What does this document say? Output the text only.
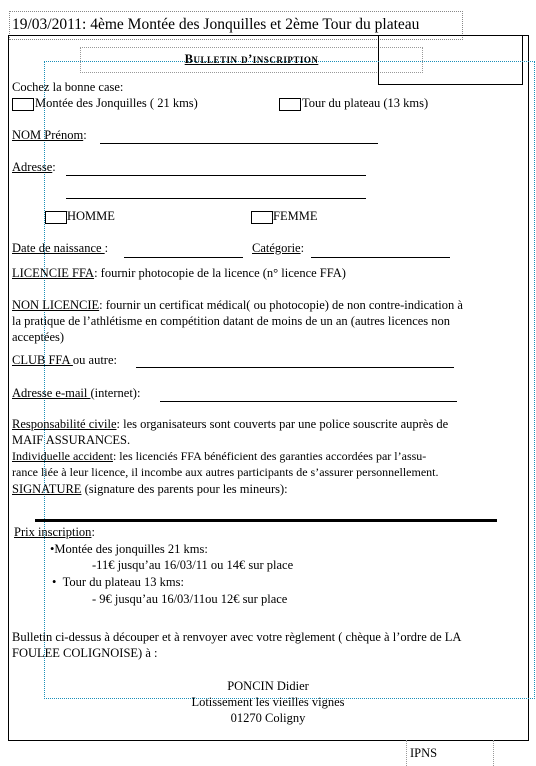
19/03/2011: 4ème Montée des Jonquilles et 2ème Tour du plateau
Bulletin d’inscription
Cochez la bonne case:
Montée des Jonquilles ( 21 kms)	Tour du plateau (13 kms)
NOM Prénom:
Adresse:
HOMME	FEMME
Date de naissance :	Catégorie:
LICENCIE FFA: fournir photocopie de la licence (n° licence FFA)
NON LICENCIE: fournir un certificat médical( ou photocopie) de non contre-indication à
la pratique de l’athlétisme en compétition datant de moins de un an (autres licences non
acceptées)
CLUB FFA ou autre:
Adresse e-mail (internet):
Responsabilité civile: les organisateurs sont couverts par une police souscrite auprès de
MAIF ASSURANCES.
Individuelle accident: les licenciés FFA bénéficient des garanties accordées par l’assu-
rance liée à leur licence, il incombe aux autres participants de s’assurer personnellement.
SIGNATURE (signature des parents pour les mineurs):
Prix inscription:
•Montée des jonquilles 21 kms:
-11€ jusqu’au 16/03/11 ou 14€ sur place
• Tour du plateau 13 kms:
- 9€ jusqu’au 16/03/11ou 12€ sur place
Bulletin ci-dessus à découper et à renvoyer avec votre règlement ( chèque à l’ordre de LA
FOULEE COLIGNOISE) à :
PONCIN Didier
Lotissement les vieilles vignes
01270 Coligny
IPNS
